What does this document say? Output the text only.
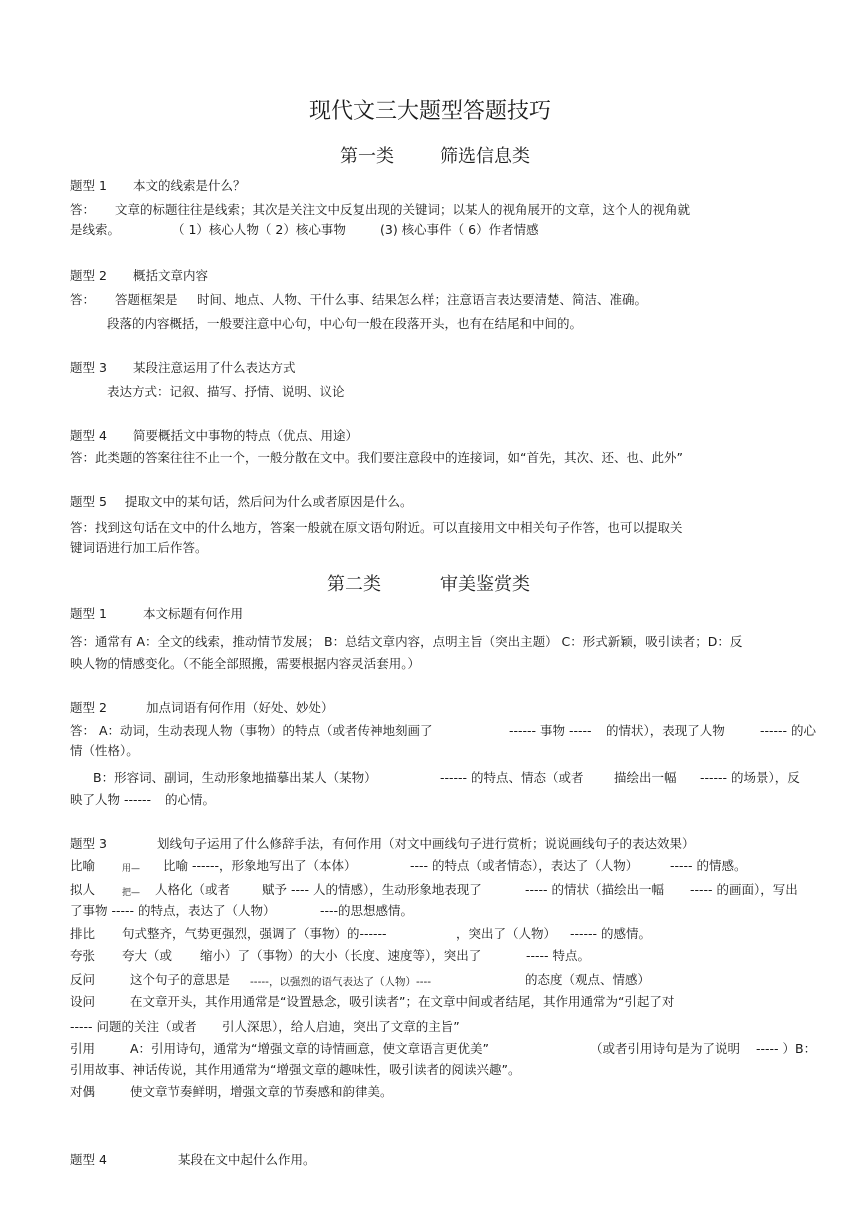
现代文三大题型答题技巧
第一类	筛选信息类
题型 1 本文的线索是什么？
答： 文章的标题往往是线索；其次是关注文中反复出现的关键词；以某人的视角展开的文章，这个人的视角就
是线索。	（ 1）核心人物（ 2）核心事物	(3) 核心事件（ 6）作者情感
题型 2 概括文章内容
答： 答题框架是 时间、地点、人物、干什么事、结果怎么样；注意语言表达要清楚、简洁、准确。
段落的内容概括，一般要注意中心句，中心句一般在段落开头，也有在结尾和中间的。
题型 3 某段注意运用了什么表达方式
表达方式：记叙、描写、抒情、说明、议论
题型 4 简要概括文中事物的特点（优点、用途）
答：此类题的答案往往不止一个，一般分散在文中。我们要注意段中的连接词，如“首先，其次、还、也、此外”
题型 5 提取文中的某句话，然后问为什么或者原因是什么。
答：找到这句话在文中的什么地方，答案一般就在原文语句附近。可以直接用文中相关句子作答，也可以提取关
键词语进行加工后作答。
第二类	审美鉴赏类
题型 1	本文标题有何作用
答：通常有 A：全文的线索，推动情节发展； B：总结文章内容，点明主旨（突出主题） C：形式新颖，吸引读者；D：反
映人物的情感变化。（不能全部照搬，需要根据内容灵活套用。）
题型 2	加点词语有何作用（好处、妙处）
答： A：动词，生动表现人物（事物）的特点（或者传神地刻画了	------ 事物 ----- 的情状），表现了人物	------ 的心
情（性格）。
B：形容词、副词，生动形象地描摹出某人（某物）	------ 的特点、情态（或者 描绘出一幅 ------ 的场景），反
映了人物 ------ 的心情。
题型 3	划线句子运用了什么修辞手法，有何作用（对文中画线句子进行赏析；说说画线句子的表达效果）
比喻	用— 比喻 ------，形象地写出了（本体）	---- 的特点（或者情态），表达了（人物）	----- 的情感。
拟人	把— 人格化（或者	赋予 ---- 人的情感），生动形象地表现了	----- 的情状（描绘出一幅 ----- 的画面），写出
了事物 ----- 的特点，表达了（人物）	----的思想感情。
排比 句式整齐，气势更强烈，强调了（事物）的------	，突出了（人物） ------ 的感情。
夸张 夸大（或 缩小）了（事物）的大小（长度、速度等），突出了	----- 特点。
反问	这个句子的意思是 -----，以强烈的语气表达了（人物）----	的态度（观点、情感）
设问	在文章开头，其作用通常是“设置悬念，吸引读者”；在文章中间或者结尾，其作用通常为“引起了对
----- 问题的关注（或者 引人深思），给人启迪，突出了文章的主旨”
引用	A：引用诗句，通常为“增强文章的诗情画意，使文章语言更优美”	（或者引用诗句是为了说明 ----- ）B：
引用故事、神话传说，其作用通常为“增强文章的趣味性，吸引读者的阅读兴趣”。
对偶	使文章节奏鲜明，增强文章的节奏感和韵律美。
题型 4	某段在文中起什么作用。
